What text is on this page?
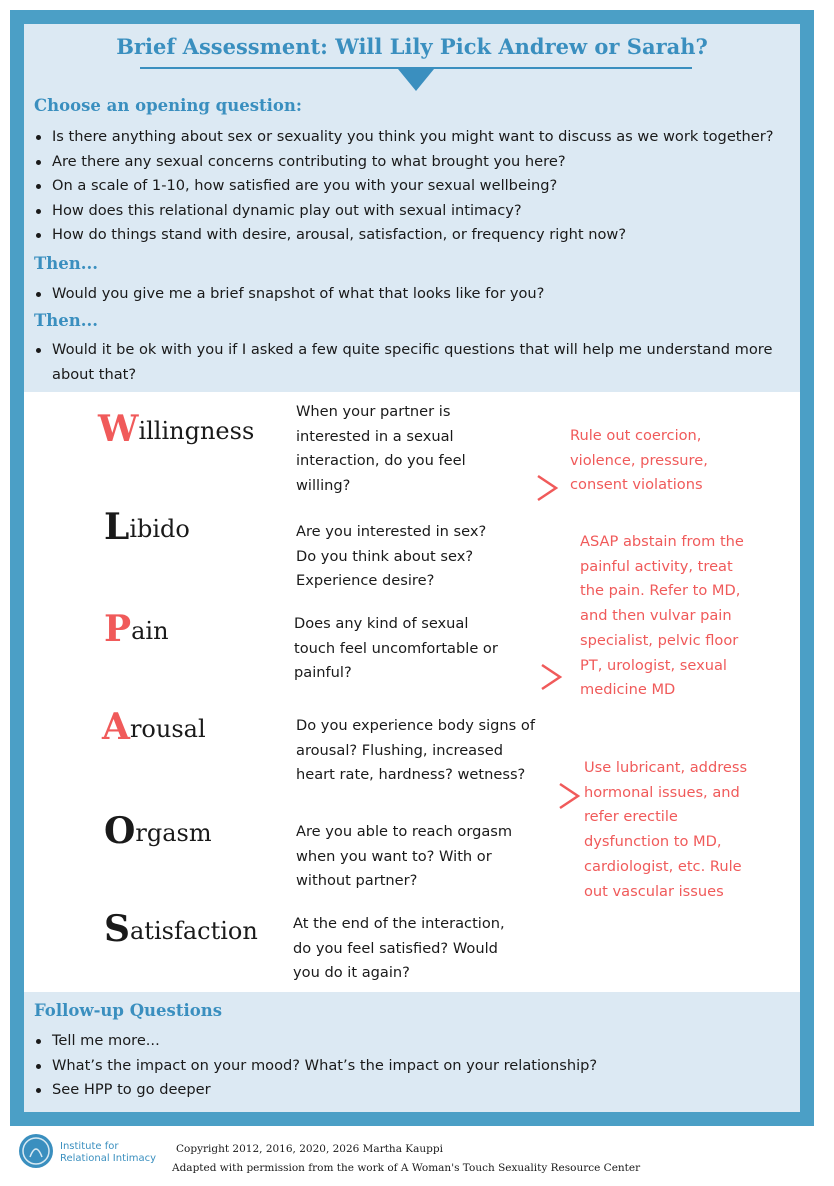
Brief Assessment: Will Lily Pick Andrew or Sarah?
Choose an opening question:
Is there anything about sex or sexuality you think you might want to discuss as we work together?
Are there any sexual concerns contributing to what brought you here?
On a scale of 1-10, how satisfied are you with your sexual wellbeing?
How does this relational dynamic play out with sexual intimacy?
How do things stand with desire, arousal, satisfaction, or frequency right now?
Then...
Would you give me a brief snapshot of what that looks like for you?
Then...
Would it be ok with you if I asked a few quite specific questions that will help me understand more about that?
Willingness
Libido
Pain
Arousal
Orgasm
Satisfaction
When your partner is interested in a sexual interaction, do you feel willing?
Are you interested in sex? Do you think about sex? Experience desire?
Does any kind of sexual touch feel uncomfortable or painful?
Do you experience body signs of arousal? Flushing, increased heart rate, hardness? wetness?
Are you able to reach orgasm when you want to? With or without partner?
At the end of the interaction, do you feel satisfied? Would you do it again?
Rule out coercion, violence, pressure, consent violations
ASAP abstain from the painful activity, treat the pain. Refer to MD, and then vulvar pain specialist, pelvic floor PT, urologist, sexual medicine MD
Use lubricant, address hormonal issues, and refer erectile dysfunction to MD, cardiologist, etc. Rule out vascular issues
Follow-up Questions
Tell me more...
What’s the impact on your mood? What’s the impact on your relationship?
See HPP to go deeper
Institute for
Relational Intimacy
Copyright 2012, 2016, 2020, 2026 Martha Kauppi
Adapted with permission from the work of A Woman's Touch Sexuality Resource Center
